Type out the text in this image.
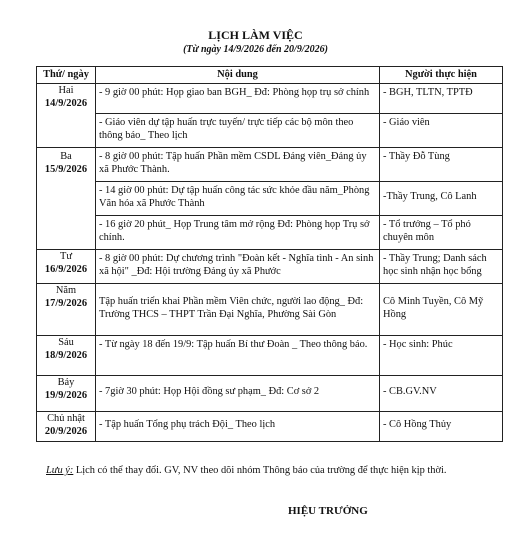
LỊCH LÀM VIỆC
(Từ ngày 14/9/2026 đến 20/9/2026)
Thứ/ ngày	Nội dung	Người thực hiện

Hai
14/9/2026	- 9 giờ 00 phút: Họp giao ban BGH_ Đđ: Phòng họp trụ sở chính	- BGH, TLTN, TPTĐ

	- Giáo viên dự tập huấn trực tuyến/ trực tiếp các bộ môn theo thông báo_ Theo lịch	- Giáo viên

Ba
15/9/2026	- 8 giờ 00 phút: Tập huấn Phần mềm CSDL Đảng viên_Đảng ủy xã Phước Thành.	- Thầy Đỗ Tùng

	- 14 giờ 00 phút: Dự tập huấn công tác sức khỏe đầu năm_Phòng Văn hóa xã Phước Thành	-Thầy Trung, Cô Lanh

	- 16 giờ 20 phút_ Họp Trung tâm mở rộng Đđ: Phòng họp Trụ sở chính.	- Tổ trưởng – Tổ phó chuyên môn

Tư
16/9/2026	- 8 giờ 00 phút: Dự chương trình "Đoàn kết - Nghĩa tình - An sinh xã hội" _Đđ: Hội trường Đảng ủy xã Phước	- Thầy Trung; Danh sách học sinh nhận học bổng

Năm
17/9/2026	Tập huấn triển khai Phần mềm Viên chức, người lao động_ Đđ: Trường THCS – THPT Trần Đại Nghĩa, Phường Sài Gòn	Cô Minh Tuyền, Cô Mỹ Hồng

Sáu
18/9/2026	- Từ ngày 18 đến 19/9: Tập huấn Bí thư Đoàn _ Theo thông báo.	- Học sinh: Phúc

Bảy
19/9/2026	- 7giờ 30 phút: Họp Hội đồng sư phạm_ Đđ: Cơ sở 2	- CB.GV.NV

Chủ nhật
20/9/2026	- Tập huấn Tổng phụ trách Đội_ Theo lịch	- Cô Hồng Thủy
Lưu ý: Lịch có thể thay đổi. GV, NV theo dõi nhóm Thông báo của trường để thực hiện kịp thời.
HIỆU TRƯỞNG
